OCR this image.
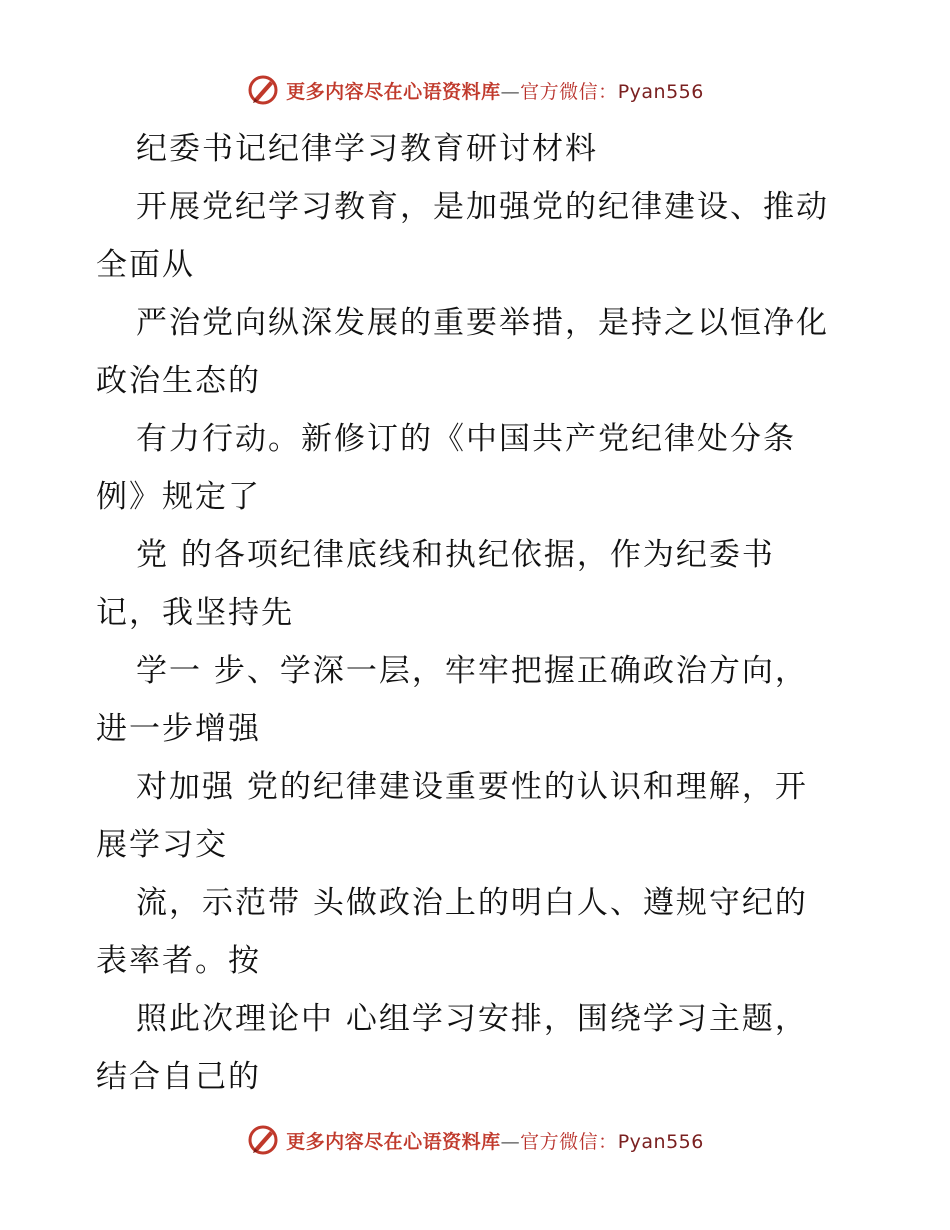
更多内容尽在心语资料库—官方微信：Pyan556
纪委书记纪律学习教育研讨材料
开展党纪学习教育，是加强党的纪律建设、推动
全面从
严治党向纵深发展的重要举措，是持之以恒净化
政治生态的
有力行动。新修订的《中国共产党纪律处分条
例》规定了
党 的各项纪律底线和执纪依据，作为纪委书
记，我坚持先
学一 步、学深一层，牢牢把握正确政治方向，
进一步增强
对加强 党的纪律建设重要性的认识和理解，开
展学习交
流，示范带 头做政治上的明白人、遵规守纪的
表率者。按
照此次理论中 心组学习安排，围绕学习主题，
结合自己的
更多内容尽在心语资料库—官方微信：Pyan556
